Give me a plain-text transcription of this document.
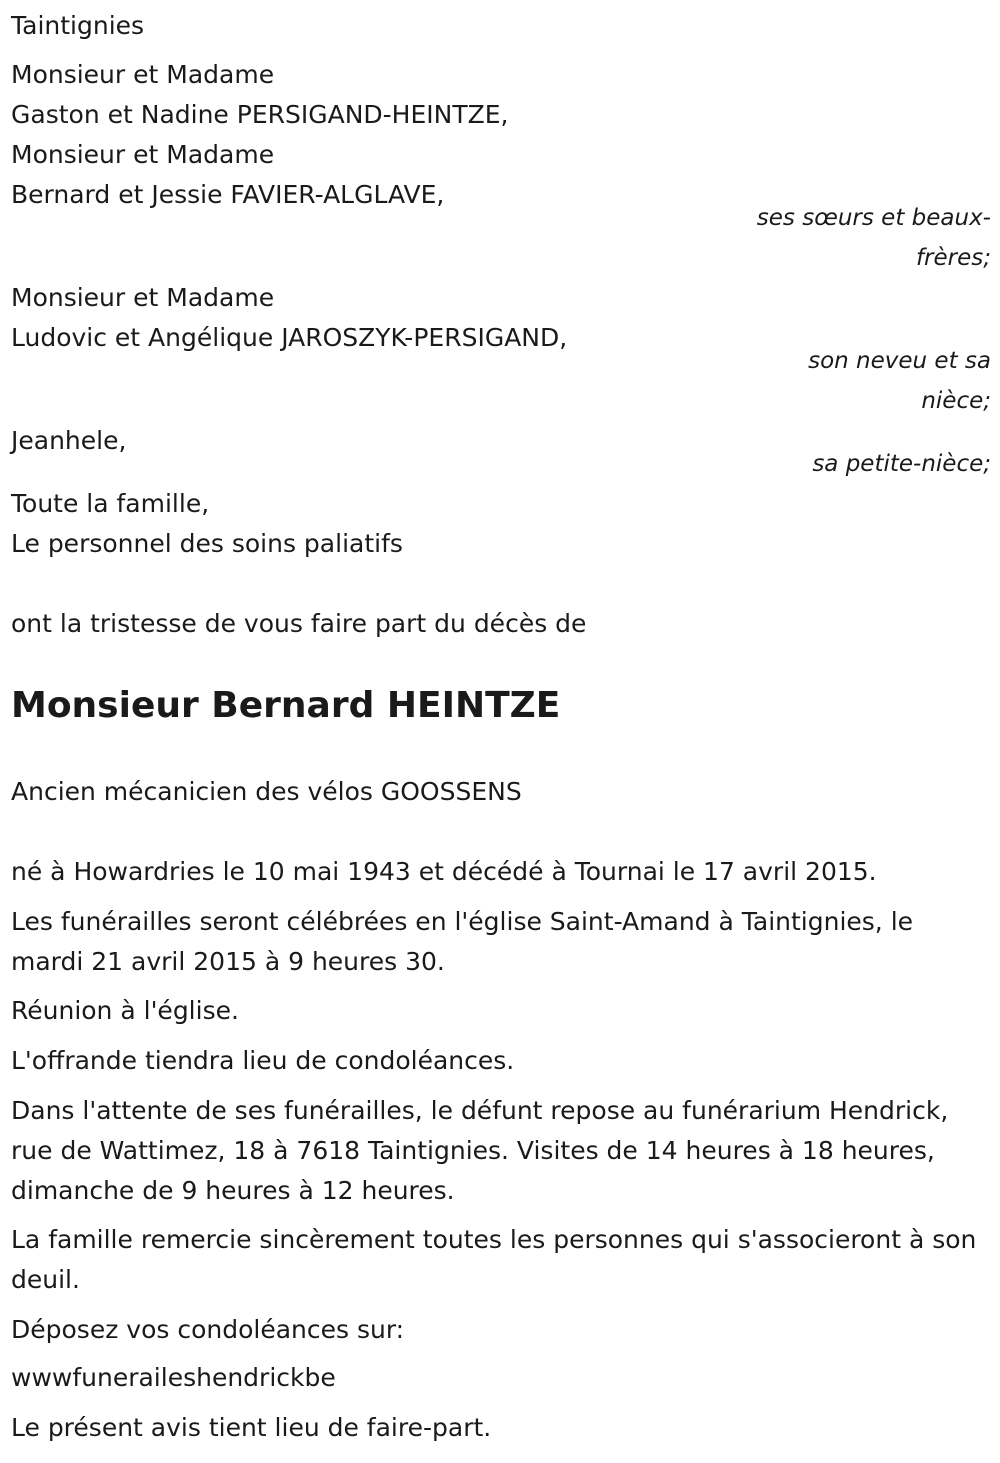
Taintignies

Monsieur et Madame

Gaston et Nadine PERSIGAND-HEINTZE,

Monsieur et Madame

Bernard et Jessie FAVIER-ALGLAVE,

ses sœurs et beaux-

frères;

Monsieur et Madame

Ludovic et Angélique JAROSZYK-PERSIGAND,

son neveu et sa

nièce;

Jeanhele,

sa petite-nièce;

Toute la famille,

Le personnel des soins paliatifs

ont la tristesse de vous faire part du décès de

Monsieur Bernard HEINTZE

Ancien mécanicien des vélos GOOSSENS

né à Howardries le 10 mai 1943 et décédé à Tournai le 17 avril 2015.

Les funérailles seront célébrées en l'église Saint-Amand à Taintignies, le mardi 21 avril 2015 à 9 heures 30.

Réunion à l'église.

L'offrande tiendra lieu de condoléances.

Dans l'attente de ses funérailles, le défunt repose au funérarium Hendrick, rue de Wattimez, 18 à 7618 Taintignies. Visites de 14 heures à 18 heures, dimanche de 9 heures à 12 heures.

La famille remercie sincèrement toutes les personnes qui s'associeront à son deuil.

Déposez vos condoléances sur:

wwwfuneraileshendrickbe

Le présent avis tient lieu de faire-part.
